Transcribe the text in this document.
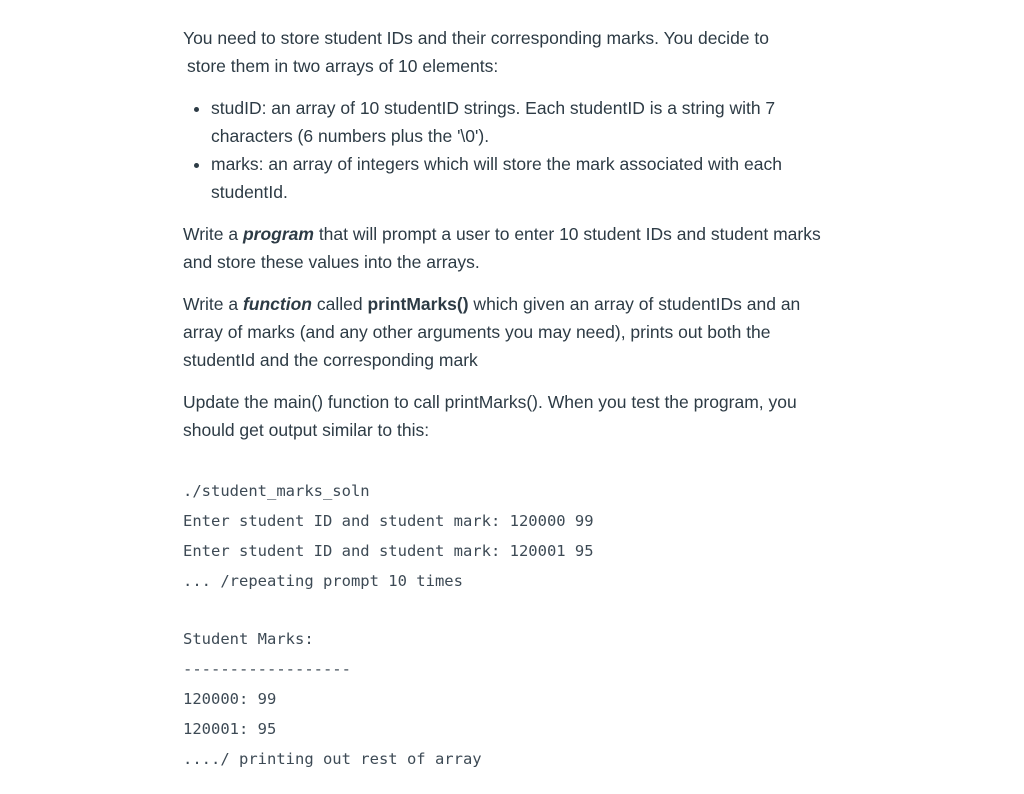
You need to store student IDs and their corresponding marks. You decide to
store them in two arrays of 10 elements:

• studID: an array of 10 studentID strings. Each studentID is a string with 7 characters (6 numbers plus the '\0').
• marks: an array of integers which will store the mark associated with each studentId.

Write a program that will prompt a user to enter 10 student IDs and student marks and store these values into the arrays.

Write a function called printMarks() which given an array of studentIDs and an array of marks (and any other arguments you may need), prints out both the studentId and the corresponding mark

Update the main() function to call printMarks(). When you test the program, you should get output similar to this:

./student_marks_soln
Enter student ID and student mark: 120000 99
Enter student ID and student mark: 120001 95
... /repeating prompt 10 times
Student Marks:
------------------
120000: 99
120001: 95
..../ printing out rest of array
